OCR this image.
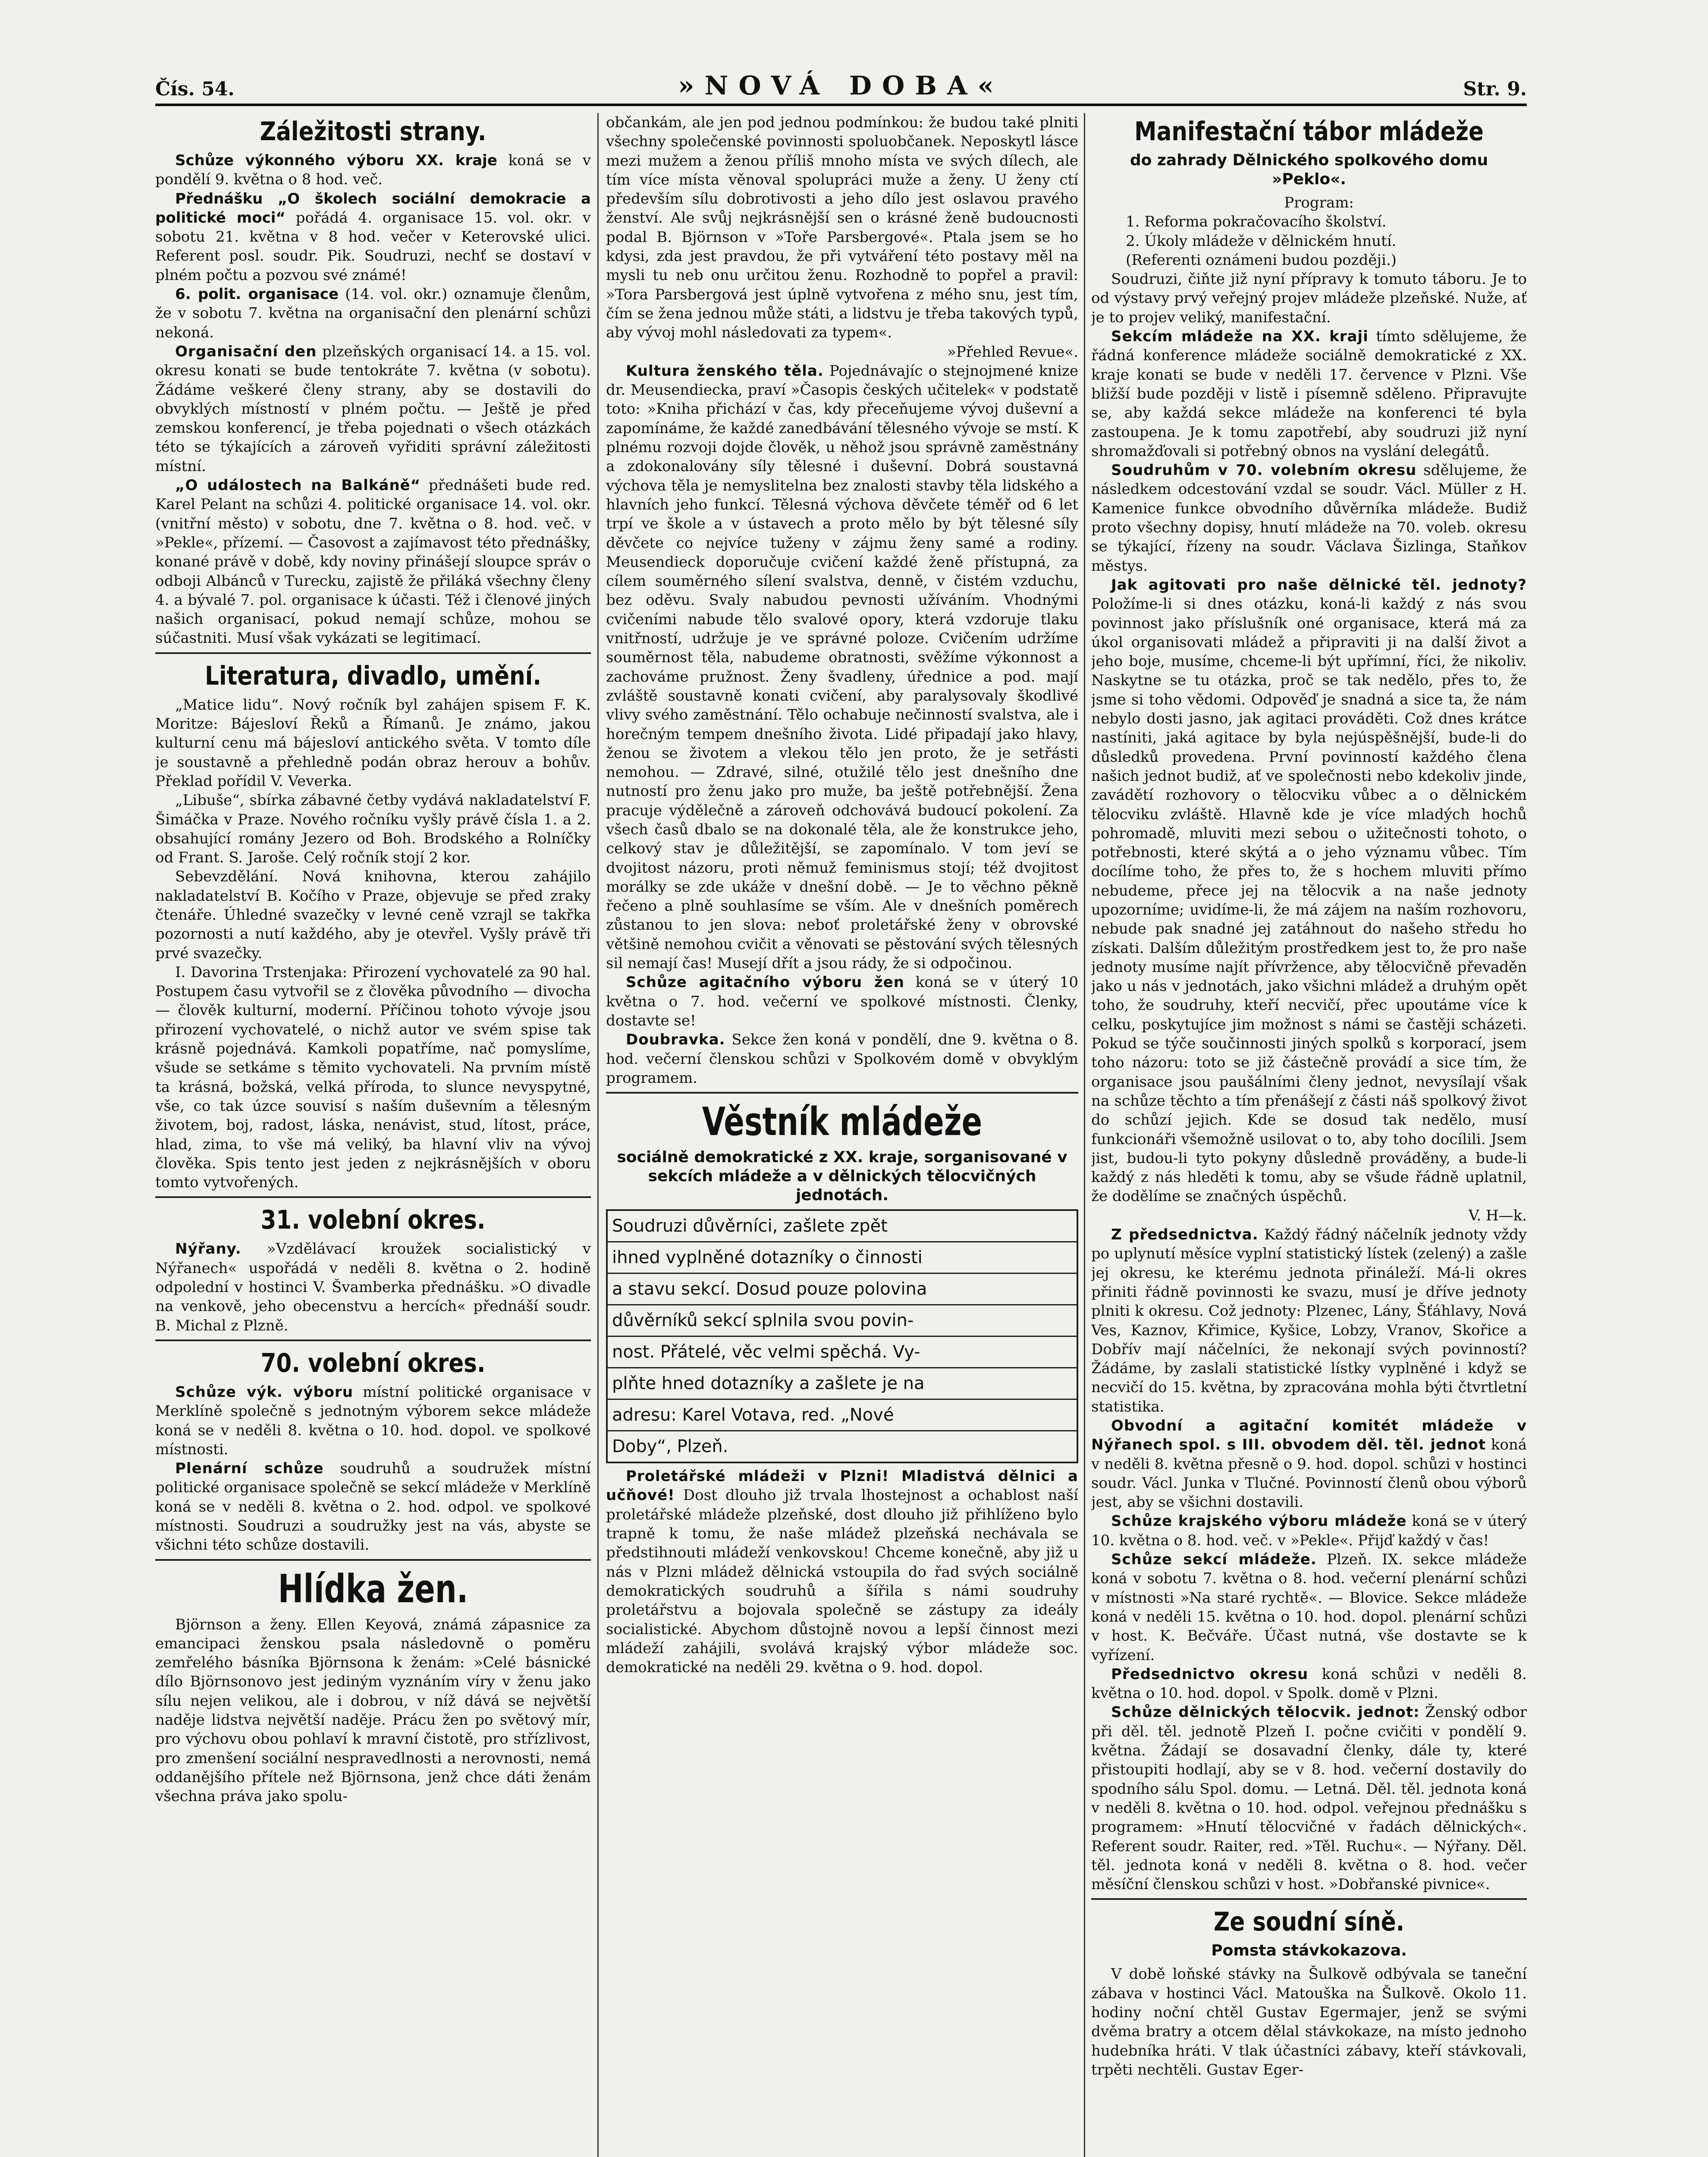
Čís. 54.	»NOVÁ DOBA«	Str. 9.
Záležitosti strany.

Schůze výkonného výboru XX. kraje koná se v pondělí 9. května o 8 hod. več.

Přednášku „O školech sociální demokracie a politické moci“ pořádá 4. organisace 15. vol. okr. v sobotu 21. května v 8 hod. večer v Keterovské ulici. Referent posl. soudr. Pik. Soudruzi, nechť se dostaví v plném počtu a pozvou své známé!

6. polit. organisace (14. vol. okr.) oznamuje členům, že v sobotu 7. května na organisační den plenární schůzi nekoná.

Organisační den plzeňských organisací 14. a 15. vol. okresu konati se bude tentokráte 7. května (v sobotu). Žádáme veškeré členy strany, aby se dostavili do obvyklých místností v plném počtu. — Ještě je před zemskou konferencí, je třeba pojednati o všech otázkách této se týkajících a zároveň vyřiditi správní záležitosti místní.

„O událostech na Balkáně“ přednášeti bude red. Karel Pelant na schůzi 4. politické organisace 14. vol. okr. (vnitřní město) v sobotu, dne 7. května o 8. hod. več. v »Pekle«, přízemí. — Časovost a zajímavost této přednášky, konané právě v době, kdy noviny přinášejí sloupce správ o odboji Albánců v Turecku, zajistě že přiláká všechny členy 4. a bývalé 7. pol. organisace k účasti. Též i členové jiných našich organisací, pokud nemají schůze, mohou se súčastniti. Musí však vykázati se legitimací.

Literatura, divadlo, umění.

„Matice lidu“. Nový ročník byl zahájen spisem F. K. Moritze: Bájesloví Řeků a Římanů. Je známo, jakou kulturní cenu má bájesloví antického světa. V tomto díle je soustavně a přehledně podán obraz herouv a bohův. Překlad pořídil V. Veverka.

„Libuše“, sbírka zábavné četby vydává nakladatelství F. Šimáčka v Praze. Nového ročníku vyšly právě čísla 1. a 2. obsahující romány Jezero od Boh. Brodského a Rolníčky od Frant. S. Jaroše. Celý ročník stojí 2 kor.

Sebevzdělání. Nová knihovna, kterou zahájilo nakladatelství B. Kočího v Praze, objevuje se před zraky čtenáře. Úhledné svazečky v levné ceně vzrajl se takřka pozornosti a nutí každého, aby je otevřel. Vyšly právě tři prvé svazečky.

I. Davorina Trstenjaka: Přirození vychovatelé za 90 hal. Postupem času vytvořil se z člověka původního — divocha — člověk kulturní, moderní. Příčinou tohoto vývoje jsou přirození vychovatelé, o nichž autor ve svém spise tak krásně pojednává. Kamkoli popatříme, nač pomyslíme, všude se setkáme s těmito vychovateli. Na prvním místě ta krásná, božská, velká příroda, to slunce nevyspytné, vše, co tak úzce souvisí s naším duševním a tělesným životem, boj, radost, láska, nenávist, stud, lítost, práce, hlad, zima, to vše má veliký, ba hlavní vliv na vývoj člověka. Spis tento jest jeden z nejkrásnějších v oboru tomto vytvořených.

31. volební okres.

Nýřany. »Vzdělávací kroužek socialistický v Nýřanech« uspořádá v neděli 8. května o 2. hodině odpolední v hostinci V. Švamberka přednášku. »O divadle na venkově, jeho obecenstvu a hercích« přednáší soudr. B. Michal z Plzně.

70. volební okres.

Schůze výk. výboru místní politické organisace v Merklíně společně s jednotným výborem sekce mládeže koná se v neděli 8. května o 10. hod. dopol. ve spolkové místnosti.

Plenární schůze soudruhů a soudružek místní politické organisace společně se sekcí mládeže v Merklíně koná se v neděli 8. května o 2. hod. odpol. ve spolkové místnosti. Soudruzi a soudružky jest na vás, abyste se všichni této schůze dostavili.

Hlídka žen.

Björnson a ženy. Ellen Keyová, známá zápasnice za emancipaci ženskou psala následovně o poměru zemřelého básníka Björnsona k ženám: »Celé básnické dílo Björnsonovo jest jediným vyznáním víry v ženu jako sílu nejen velikou, ale i dobrou, v níž dává se největší naděje lidstva největší naděje. Prácu žen po světový mír, pro výchovu obou pohlaví k mravní čistotě, pro střízlivost, pro zmenšení sociální nespravedlnosti a nerovnosti, nemá oddanějšího přítele než Björnsona, jenž chce dáti ženám všechna práva jako spolu-

občankám, ale jen pod jednou podmínkou: že budou také plniti všechny společenské povinnosti spoluobčanek. Neposkytl lásce mezi mužem a ženou příliš mnoho místa ve svých dílech, ale tím více místa věnoval spolupráci muže a ženy. U ženy ctí především sílu dobrotivosti a jeho dílo jest oslavou pravého ženství. Ale svůj nejkrásnější sen o krásné ženě budoucnosti podal B. Björnson v »Toře Parsbergové«. Ptala jsem se ho kdysi, zda jest pravdou, že při vytváření této postavy měl na mysli tu neb onu určitou ženu. Rozhodně to popřel a pravil: »Tora Parsbergová jest úplně vytvořena z mého snu, jest tím, čím se žena jednou může státi, a lidstvu je třeba takových typů, aby vývoj mohl následovati za typem«.

»Přehled Revue«.

Kultura ženského těla. Pojednávajíc o stejnojmené knize dr. Meusendiecka, praví »Časopis českých učitelek« v podstatě toto: »Kniha přichází v čas, kdy přeceňujeme vývoj duševní a zapomínáme, že každé zanedbávání tělesného vývoje se mstí. K plnému rozvoji dojde člověk, u něhož jsou správně zaměstnány a zdokonalovány síly tělesné i duševní. Dobrá soustavná výchova těla je nemyslitelna bez znalosti stavby těla lidského a hlavních jeho funkcí. Tělesná výchova děvčete téměř od 6 let trpí ve škole a v ústavech a proto mělo by být tělesné síly děvčete co nejvíce tuženy v zájmu ženy samé a rodiny. Meusendieck doporučuje cvičení každé ženě přístupná, za cílem souměrného sílení svalstva, denně, v čistém vzduchu, bez oděvu. Svaly nabudou pevnosti užíváním. Vhodnými cvičeními nabude tělo svalové opory, která vzdoruje tlaku vnitřností, udržuje je ve správné poloze. Cvičením udržíme souměrnost těla, nabudeme obratnosti, svěžíme výkonnost a zachováme pružnost. Ženy švadleny, úřednice a pod. mají zvláště soustavně konati cvičení, aby paralysovaly škodlivé vlivy svého zaměstnání. Tělo ochabuje nečinností svalstva, ale i horečným tempem dnešního života. Lidé připadají jako hlavy, ženou se životem a vlekou tělo jen proto, že je setřásti nemohou. — Zdravé, silné, otužilé tělo jest dnešního dne nutností pro ženu jako pro muže, ba ještě potřebnější. Žena pracuje výdělečně a zároveň odchovává budoucí pokolení. Za všech časů dbalo se na dokonalé těla, ale že konstrukce jeho, celkový stav je důležitější, se zapomínalo. V tom jeví se dvojitost názoru, proti němuž feminismus stojí; též dvojitost morálky se zde ukáže v dnešní době. — Je to věchno pěkně řečeno a plně souhlasíme se vším. Ale v dnešních poměrech zůstanou to jen slova: neboť proletářské ženy v obrovské většině nemohou cvičit a věnovati se pěstování svých tělesných sil nemají čas! Musejí dřít a jsou rády, že si odpočinou.

Schůze agitačního výboru žen koná se v úterý 10 května o 7. hod. večerní ve spolkové místnosti. Členky, dostavte se!

Doubravka. Sekce žen koná v pondělí, dne 9. května o 8. hod. večerní členskou schůzi v Spolkovém domě v obvyklým programem.

Věstník mládeže
sociálně demokratické z XX. kraje, sorganisované v sekcích mládeže a v dělnických tělocvičných jednotách.
Soudruzi důvěrníci, zašlete zpět
ihned vyplněné dotazníky o činnosti
a stavu sekcí. Dosud pouze polovina
důvěrníků sekcí splnila svou povin-
nost. Přátelé, věc velmi spěchá. Vy-
plňte hned dotazníky a zašlete je na
adresu: Karel Votava, red. „Nové
Doby“, Plzeň.

Proletářské mládeži v Plzni! Mladistvá dělnici a učňové! Dost dlouho již trvala lhostejnost a ochablost naší proletářské mládeže plzeňské, dost dlouho již přihlíženo bylo trapně k tomu, že naše mládež plzeňská nechávala se předstihnouti mládeží venkovskou! Chceme konečně, aby již u nás v Plzni mládež dělnická vstoupila do řad svých sociálně demokratických soudruhů a šířila s námi soudruhy proletářstvu a bojovala společně se zástupy za ideály socialistické. Abychom důstojně novou a lepší činnost mezi mládeží zahájili, svolává krajský výbor mládeže soc. demokratické na neděli 29. května o 9. hod. dopol.

Manifestační tábor mládeže
do zahrady Dělnického spolkového domu »Peklo«.

Program:

1. Reforma pokračovacího školství.

2. Úkoly mládeže v dělnickém hnutí.

(Referenti oznámeni budou později.)

Soudruzi, čiňte již nyní přípravy k tomuto táboru. Je to od výstavy prvý veřejný projev mládeže plzeňské. Nuže, ať je to projev veliký, manifestační.

Sekcím mládeže na XX. kraji tímto sdělujeme, že řádná konference mládeže sociálně demokratické z XX. kraje konati se bude v neděli 17. července v Plzni. Vše bližší bude později v listě i písemně sděleno. Připravujte se, aby každá sekce mládeže na konferenci té byla zastoupena. Je k tomu zapotřebí, aby soudruzi již nyní shromažďovali si potřebný obnos na vyslání delegátů.

Soudruhům v 70. volebním okresu sdělujeme, že následkem odcestování vzdal se soudr. Václ. Müller z H. Kamenice funkce obvodního důvěrníka mládeže. Budiž proto všechny dopisy, hnutí mládeže na 70. voleb. okresu se týkající, řízeny na soudr. Václava Šizlinga, Staňkov městys.

Jak agitovati pro naše dělnické těl. jednoty? Položíme-li si dnes otázku, koná-li každý z nás svou povinnost jako příslušník oné organisace, která má za úkol organisovati mládež a připraviti ji na další život a jeho boje, musíme, chceme-li být upřímní, říci, že nikoliv. Naskytne se tu otázka, proč se tak nedělo, přes to, že jsme si toho vědomi. Odpověď je snadná a sice ta, že nám nebylo dosti jasno, jak agitaci prováděti. Což dnes krátce nastíniti, jaká agitace by byla nejúspěšnější, bude-li do důsledků provedena. První povinností každého člena našich jednot budiž, ať ve společnosti nebo kdekoliv jinde, zavádětí rozhovory o tělocviku vůbec a o dělnickém tělocviku zvláště. Hlavně kde je více mladých hochů pohromadě, mluviti mezi sebou o užitečnosti tohoto, o potřebnosti, které skýtá a o jeho významu vůbec. Tím docílíme toho, že přes to, že s hochem mluviti přímo nebudeme, přece jej na tělocvik a na naše jednoty upozorníme; uvidíme-li, že má zájem na naším rozhovoru, nebude pak snadné jej zatáhnout do našeho středu ho získati. Dalším důležitým prostředkem jest to, že pro naše jednoty musíme najít přívržence, aby tělocvičně převaděn jako u nás v jednotách, jako všichni mládež a druhým opět toho, že soudruhy, kteří necvičí, přec upoutáme více k celku, poskytujíce jim možnost s námi se častěji scházeti. Pokud se týče součinnosti jiných spolků s korporací, jsem toho názoru: toto se již částečně provádí a sice tím, že organisace jsou paušálními členy jednot, nevysílají však na schůze těchto a tím přenášejí z části náš spolkový život do schůzí jejich. Kde se dosud tak nedělo, musí funkcionáři všemožně usilovat o to, aby toho docílili. Jsem jist, budou-li tyto pokyny důsledně prováděny, a bude-li každý z nás hleděti k tomu, aby se všude řádně uplatnil, že dodělíme se značných úspěchů.

V. H—k.

Z předsednictva. Každý řádný náčelník jednoty vždy po uplynutí měsíce vyplní statistický lístek (zelený) a zašle jej okresu, ke kterému jednota přináleží. Má-li okres přiniti řádně povinnosti ke svazu, musí je dříve jednoty plniti k okresu. Což jednoty: Plzenec, Lány, Šťáhlavy, Nová Ves, Kaznov, Křimice, Kyšice, Lobzy, Vranov, Skořice a Dobřív mají náčelníci, že nekonají svých povinností? Žádáme, by zaslali statistické lístky vyplněné i když se necvičí do 15. května, by zpracována mohla býti čtvrtletní statistika.

Obvodní a agitační komitét mládeže v Nýřanech spol. s III. obvodem děl. těl. jednot koná v neděli 8. května přesně o 9. hod. dopol. schůzi v hostinci soudr. Václ. Junka v Tlučné. Povinností členů obou výborů jest, aby se všichni dostavili.

Schůze krajského výboru mládeže koná se v úterý 10. května o 8. hod. več. v »Pekle«. Přijď každý v čas!

Schůze sekcí mládeže. Plzeň. IX. sekce mládeže koná v sobotu 7. května o 8. hod. večerní plenární schůzi v místnosti »Na staré rychtě«. — Blovice. Sekce mládeže koná v neděli 15. května o 10. hod. dopol. plenární schůzi v host. K. Bečváře. Účast nutná, vše dostavte se k vyřízení.

Předsednictvo okresu koná schůzi v neděli 8. května o 10. hod. dopol. v Spolk. domě v Plzni.

Schůze dělnických tělocvik. jednot: Ženský odbor při děl. těl. jednotě Plzeň I. počne cvičiti v pondělí 9. května. Žádají se dosavadní členky, dále ty, které přistoupiti hodlají, aby se v 8. hod. večerní dostavily do spodního sálu Spol. domu. — Letná. Děl. těl. jednota koná v neděli 8. května o 10. hod. odpol. veřejnou přednášku s programem: »Hnutí tělocvičné v řadách dělnických«. Referent soudr. Raiter, red. »Těl. Ruchu«. — Nýřany. Děl. těl. jednota koná v neděli 8. května o 8. hod. večer měsíční členskou schůzi v host. »Dobřanské pivnice«.

Ze soudní síně.
Pomsta stávkokazova.

V době loňské stávky na Šulkově odbývala se taneční zábava v hostinci Václ. Matouška na Šulkově. Okolo 11. hodiny noční chtěl Gustav Egermajer, jenž se svými dvěma bratry a otcem dělal stávkokaze, na místo jednoho hudebníka hráti. V tlak účastníci zábavy, kteří stávkovali, trpěti nechtěli. Gustav Eger-
